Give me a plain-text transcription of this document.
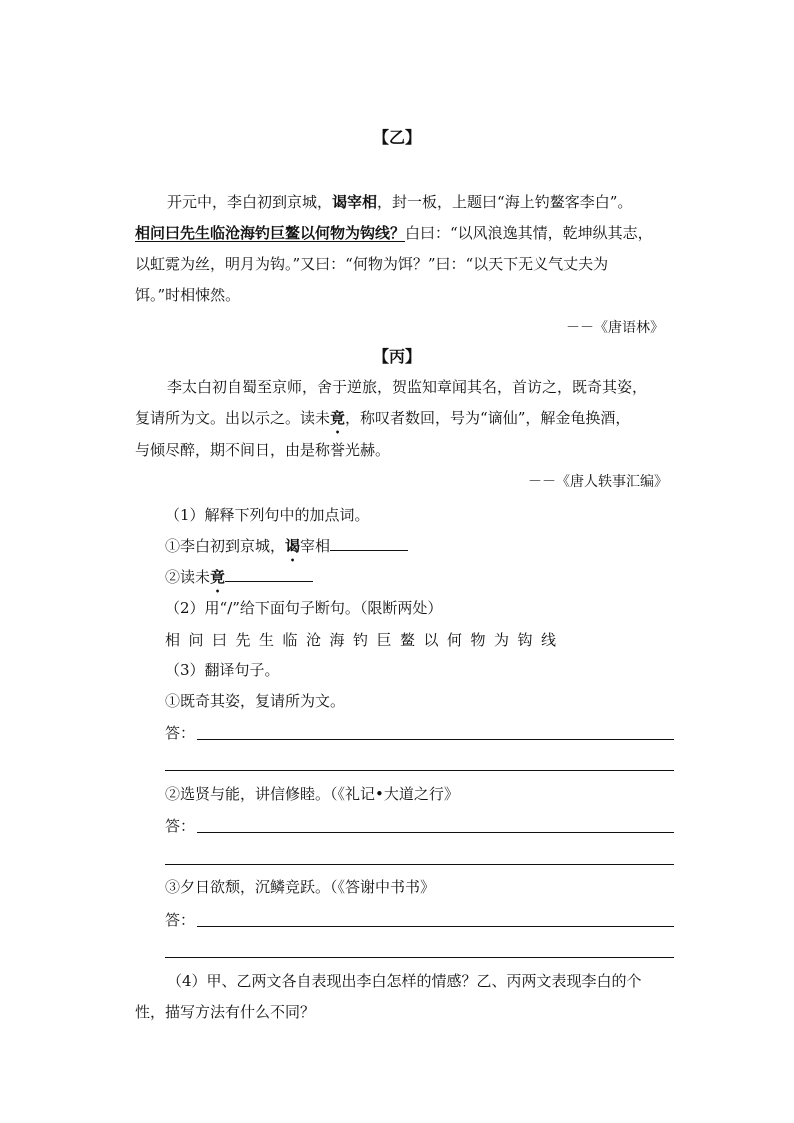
【乙】
开元中，李白初到京城，谒宰相，封一板，上题曰“海上钓鳌客李白”。
相问曰先生临沧海钓巨鳌以何物为钩线？白曰：“以风浪逸其情，乾坤纵其志，
以虹霓为丝，明月为钩。”又曰：“何物为饵？”曰：“以天下无义气丈夫为
饵。”时相悚然。
－－《唐语林》
【丙】
李太白初自蜀至京师，舍于逆旅，贺监知章闻其名，首访之，既奇其姿，
复请所为文。出以示之。读未竟，称叹者数回，号为“谪仙”，解金龟换酒，
与倾尽醉，期不间日，由是称誉光赫。
－－《唐人轶事汇编》
（1）解释下列句中的加点词。
①李白初到京城，谒宰相
②读未竟
（2）用“/”给下面句子断句。（限断两处）
相问曰先生临沧海钓巨鳌以何物为钩线
（3）翻译句子。
①既奇其姿，复请所为文。
答：
②选贤与能，讲信修睦。（《礼记•大道之行》
答：
③夕日欲颓，沉鳞竞跃。（《答谢中书书》
答：
（4）甲、乙两文各自表现出李白怎样的情感？乙、丙两文表现李白的个
性，描写方法有什么不同？
